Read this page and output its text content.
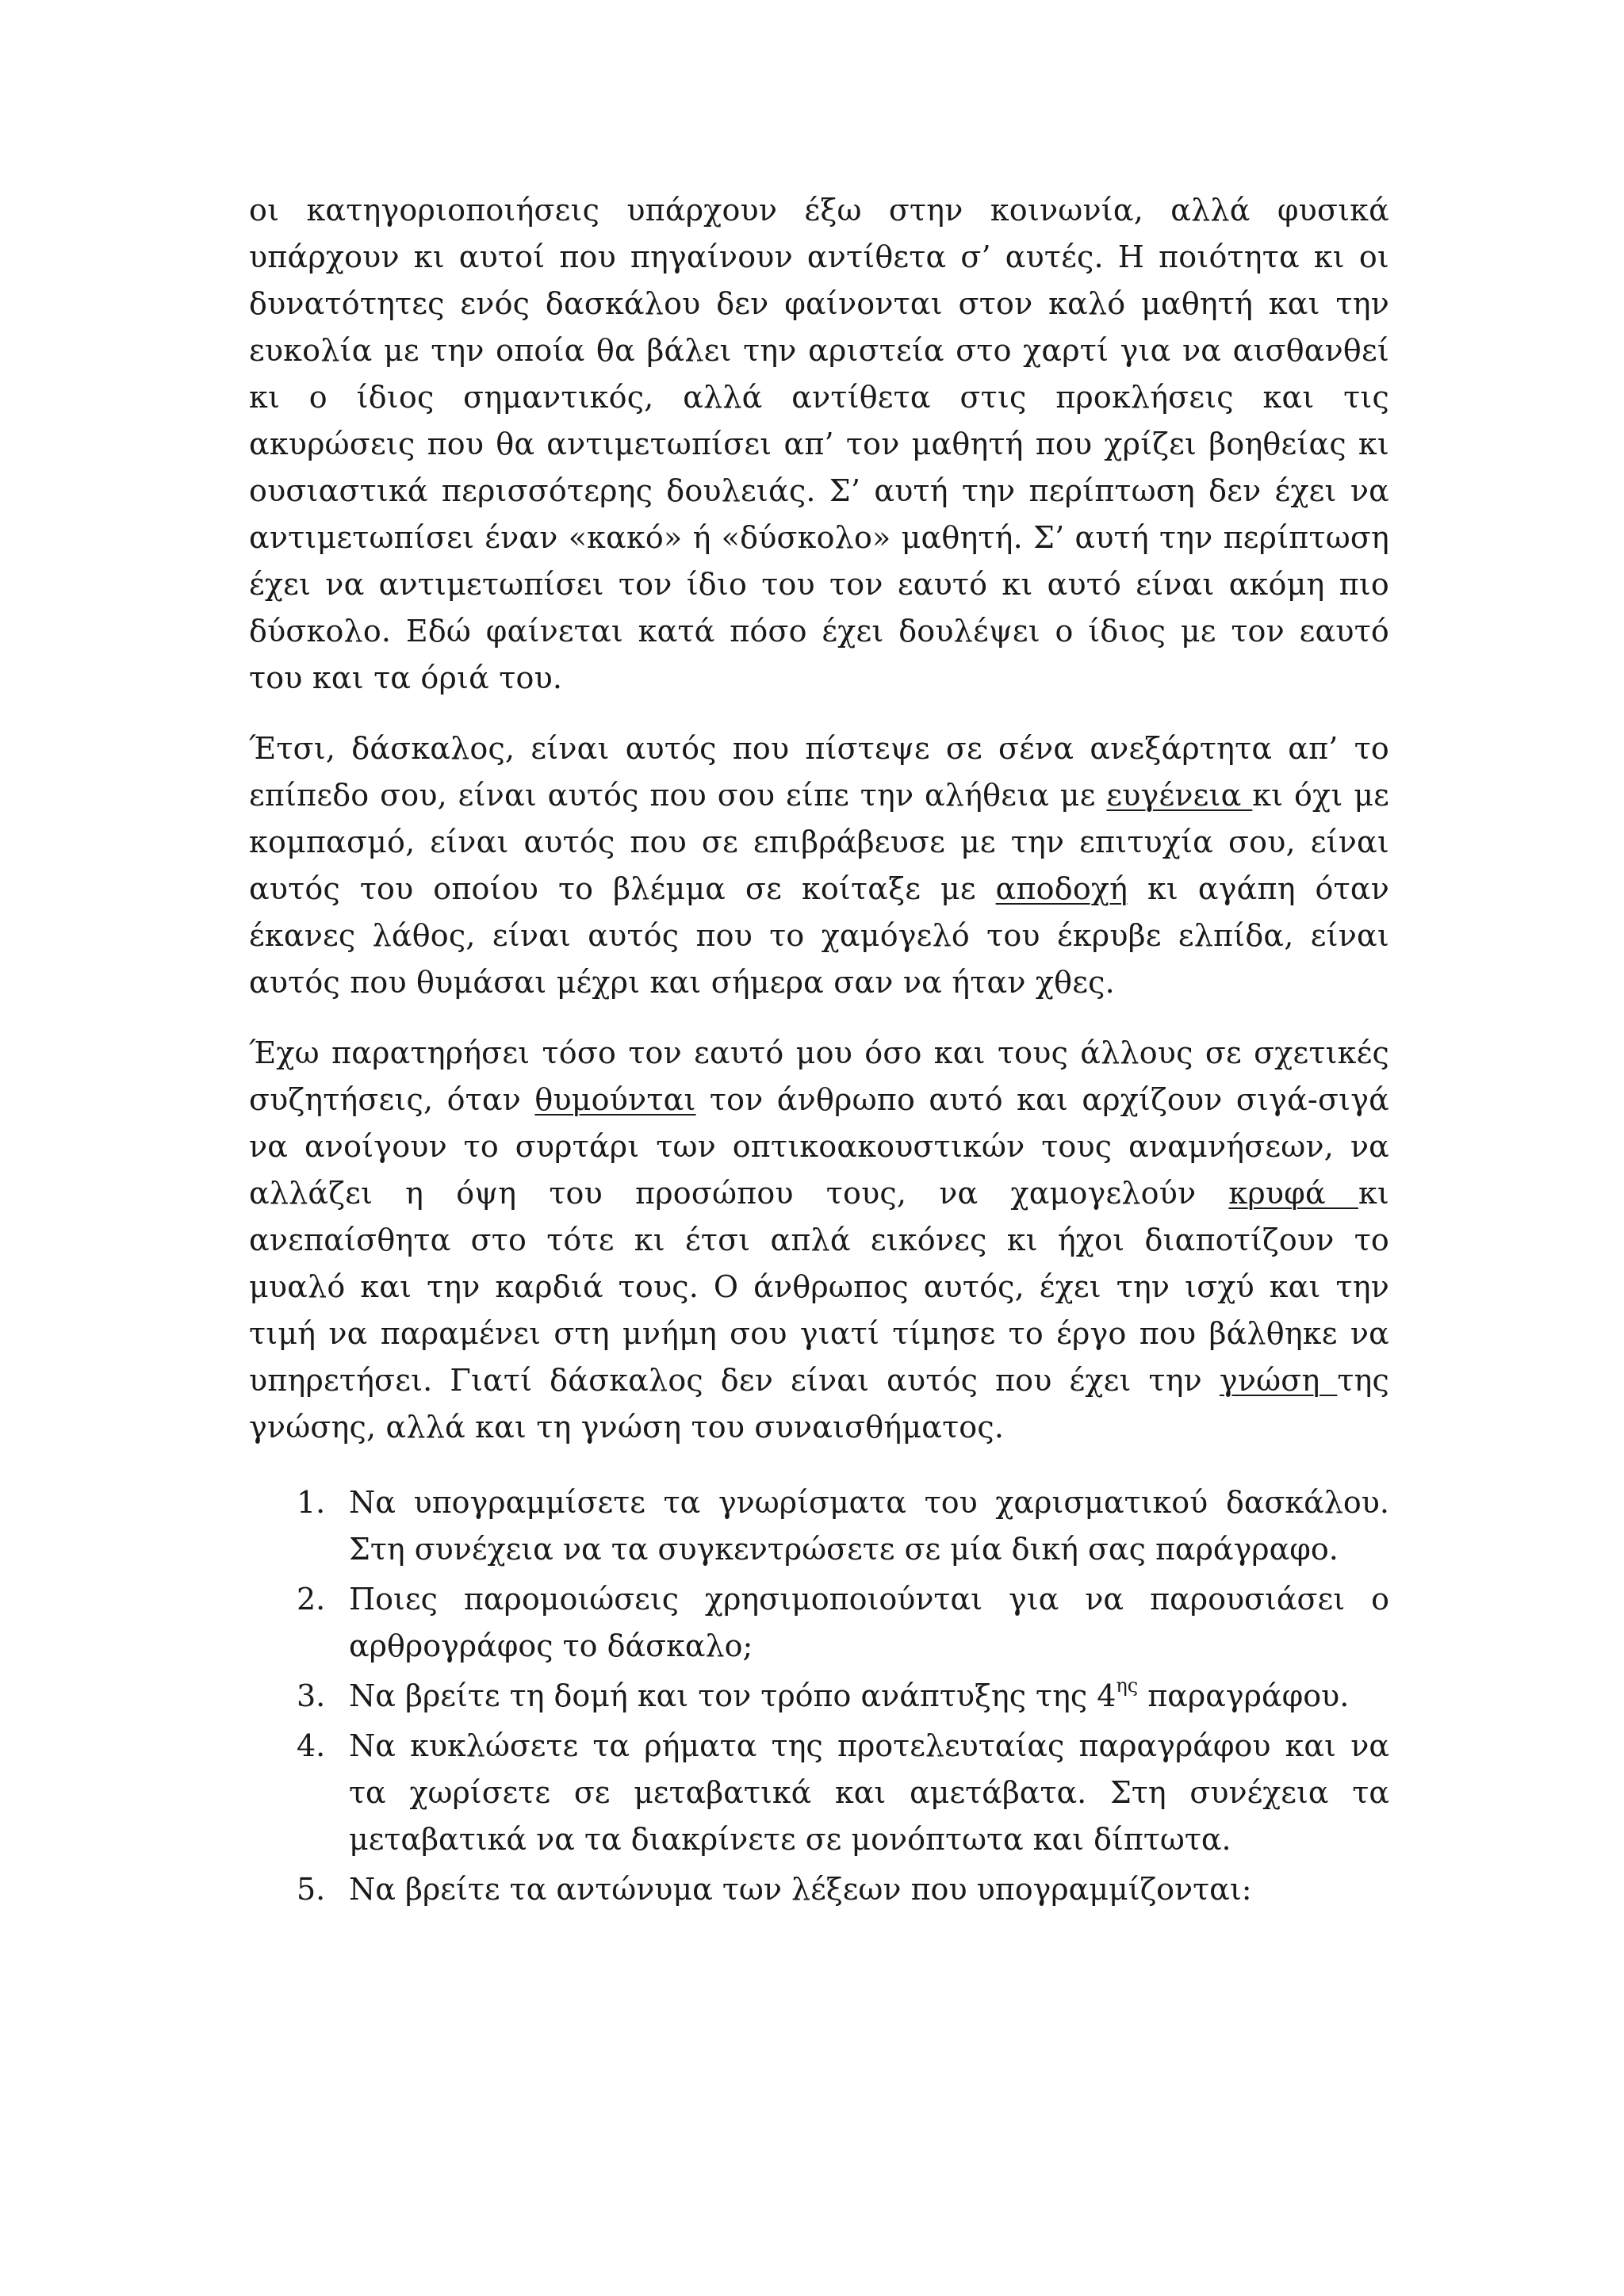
οι κατηγοριοποιήσεις υπάρχουν έξω στην κοινωνία, αλλά φυσικά υπάρχουν κι αυτοί που πηγαίνουν αντίθετα σ’ αυτές. Η ποιότητα κι οι δυνατότητες ενός δασκάλου δεν φαίνονται στον καλό μαθητή και την ευκολία με την οποία θα βάλει την αριστεία στο χαρτί για να αισθανθεί κι ο ίδιος σημαντικός, αλλά αντίθετα στις προκλήσεις και τις ακυρώσεις που θα αντιμετωπίσει απ’ τον μαθητή που χρίζει βοηθείας κι ουσιαστικά περισσότερης δουλειάς. Σ’ αυτή την περίπτωση δεν έχει να αντιμετωπίσει έναν «κακό» ή «δύσκολο» μαθητή. Σ’ αυτή την περίπτωση έχει να αντιμετωπίσει τον ίδιο του τον εαυτό κι αυτό είναι ακόμη πιο δύσκολο. Εδώ φαίνεται κατά πόσο έχει δουλέψει ο ίδιος με τον εαυτό του και τα όριά του.

Έτσι, δάσκαλος, είναι αυτός που πίστεψε σε σένα ανεξάρτητα απ’ το επίπεδο σου, είναι αυτός που σου είπε την αλήθεια με ευγένεια κι όχι με κομπασμό, είναι αυτός που σε επιβράβευσε με την επιτυχία σου, είναι αυτός του οποίου το βλέμμα σε κοίταξε με αποδοχή κι αγάπη όταν έκανες λάθος, είναι αυτός που το χαμόγελό του έκρυβε ελπίδα, είναι αυτός που θυμάσαι μέχρι και σήμερα σαν να ήταν χθες.

Έχω παρατηρήσει τόσο τον εαυτό μου όσο και τους άλλους σε σχετικές συζητήσεις, όταν θυμούνται τον άνθρωπο αυτό και αρχίζουν σιγά-σιγά να ανοίγουν το συρτάρι των οπτικοακουστικών τους αναμνήσεων, να αλλάζει η όψη του προσώπου τους, να χαμογελούν κρυφά κι ανεπαίσθητα στο τότε κι έτσι απλά εικόνες κι ήχοι διαποτίζουν το μυαλό και την καρδιά τους. Ο άνθρωπος αυτός, έχει την ισχύ και την τιμή να παραμένει στη μνήμη σου γιατί τίμησε το έργο που βάλθηκε να υπηρετήσει. Γιατί δάσκαλος δεν είναι αυτός που έχει την γνώση της γνώσης, αλλά και τη γνώση του συναισθήματος.

1. Να υπογραμμίσετε τα γνωρίσματα του χαρισματικού δασκάλου. Στη συνέχεια να τα συγκεντρώσετε σε μία δική σας παράγραφο.
2. Ποιες παρομοιώσεις χρησιμοποιούνται για να παρουσιάσει ο αρθρογράφος το δάσκαλο;
3. Να βρείτε τη δομή και τον τρόπο ανάπτυξης της $4^{\eta\varsigma}$ παραγράφου.
4. Να κυκλώσετε τα ρήματα της προτελευταίας παραγράφου και να τα χωρίσετε σε μεταβατικά και αμετάβατα. Στη συνέχεια τα μεταβατικά να τα διακρίνετε σε μονόπτωτα και δίπτωτα.
5. Να βρείτε τα αντώνυμα των λέξεων που υπογραμμίζονται:
